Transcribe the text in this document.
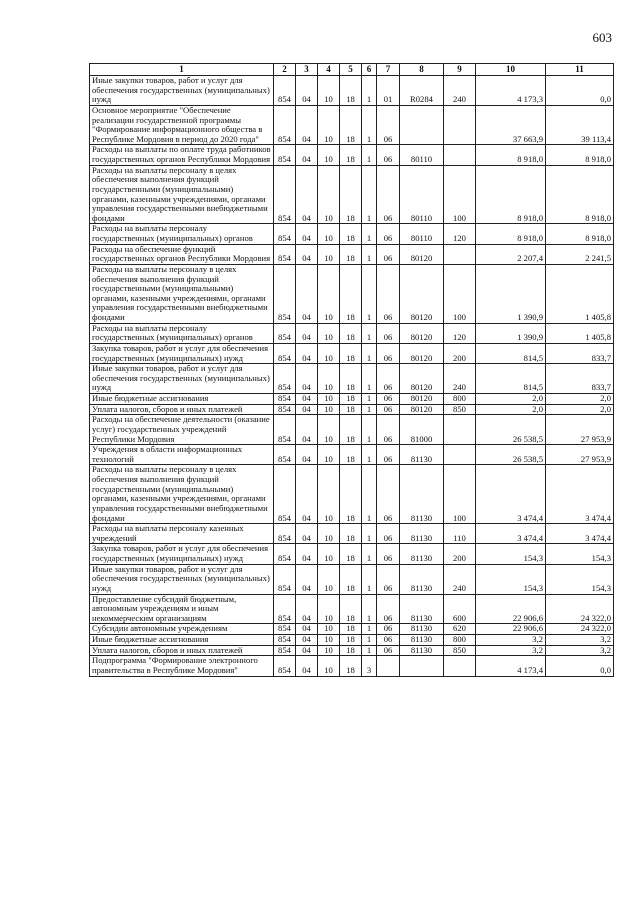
603
1	2	3	4	5	6	7	8	9	10	11
Иные закупки товаров, работ и услуг для обеспечения государственных (муниципальных) нужд	854	04	10	18	1	01	R0284	240	4 173,3	0,0
Основное мероприятие "Обеспечение реализации государственной программы "Формирование информационного общества в Республике Мордовия в период до 2020 года"	854	04	10	18	1	06			37 663,9	39 113,4
Расходы на выплаты по оплате труда работников государственных органов Республики Мордовия	854	04	10	18	1	06	80110		8 918,0	8 918,0
Расходы на выплаты персоналу в целях обеспечения выполнения функций государственными (муниципальными) органами, казенными учреждениями, органами управления государственными внебюджетными фондами	854	04	10	18	1	06	80110	100	8 918,0	8 918,0
Расходы на выплаты персоналу государственных (муниципальных) органов	854	04	10	18	1	06	80110	120	8 918,0	8 918,0
Расходы на обеспечение функций государственных органов Республики Мордовия	854	04	10	18	1	06	80120		2 207,4	2 241,5
Расходы на выплаты персоналу в целях обеспечения выполнения функций государственными (муниципальными) органами, казенными учреждениями, органами управления государственными внебюджетными фондами	854	04	10	18	1	06	80120	100	1 390,9	1 405,8
Расходы на выплаты персоналу государственных (муниципальных) органов	854	04	10	18	1	06	80120	120	1 390,9	1 405,8
Закупка товаров, работ и услуг для обеспечения государственных (муниципальных) нужд	854	04	10	18	1	06	80120	200	814,5	833,7
Иные закупки товаров, работ и услуг для обеспечения государственных (муниципальных) нужд	854	04	10	18	1	06	80120	240	814,5	833,7
Иные бюджетные ассигнования	854	04	10	18	1	06	80120	800	2,0	2,0
Уплата налогов, сборов и иных платежей	854	04	10	18	1	06	80120	850	2,0	2,0
Расходы на обеспечение деятельности (оказание услуг) государственных учреждений Республики Мордовия	854	04	10	18	1	06	81000		26 538,5	27 953,9
Учреждения в области информационных технологий	854	04	10	18	1	06	81130		26 538,5	27 953,9
Расходы на выплаты персоналу в целях обеспечения выполнения функций государственными (муниципальными) органами, казенными учреждениями, органами управления государственными внебюджетными фондами	854	04	10	18	1	06	81130	100	3 474,4	3 474,4
Расходы на выплаты персоналу казенных учреждений	854	04	10	18	1	06	81130	110	3 474,4	3 474,4
Закупка товаров, работ и услуг для обеспечения государственных (муниципальных) нужд	854	04	10	18	1	06	81130	200	154,3	154,3
Иные закупки товаров, работ и услуг для обеспечения государственных (муниципальных) нужд	854	04	10	18	1	06	81130	240	154,3	154,3
Предоставление субсидий бюджетным, автономным учреждениям и иным некоммерческим организациям	854	04	10	18	1	06	81130	600	22 906,6	24 322,0
Субсидии автономным учреждениям	854	04	10	18	1	06	81130	620	22 906,6	24 322,0
Иные бюджетные ассигнования	854	04	10	18	1	06	81130	800	3,2	3,2
Уплата налогов, сборов и иных платежей	854	04	10	18	1	06	81130	850	3,2	3,2
Подпрограмма "Формирование электронного правительства в Республике Мордовия"	854	04	10	18	3				4 173,4	0,0
